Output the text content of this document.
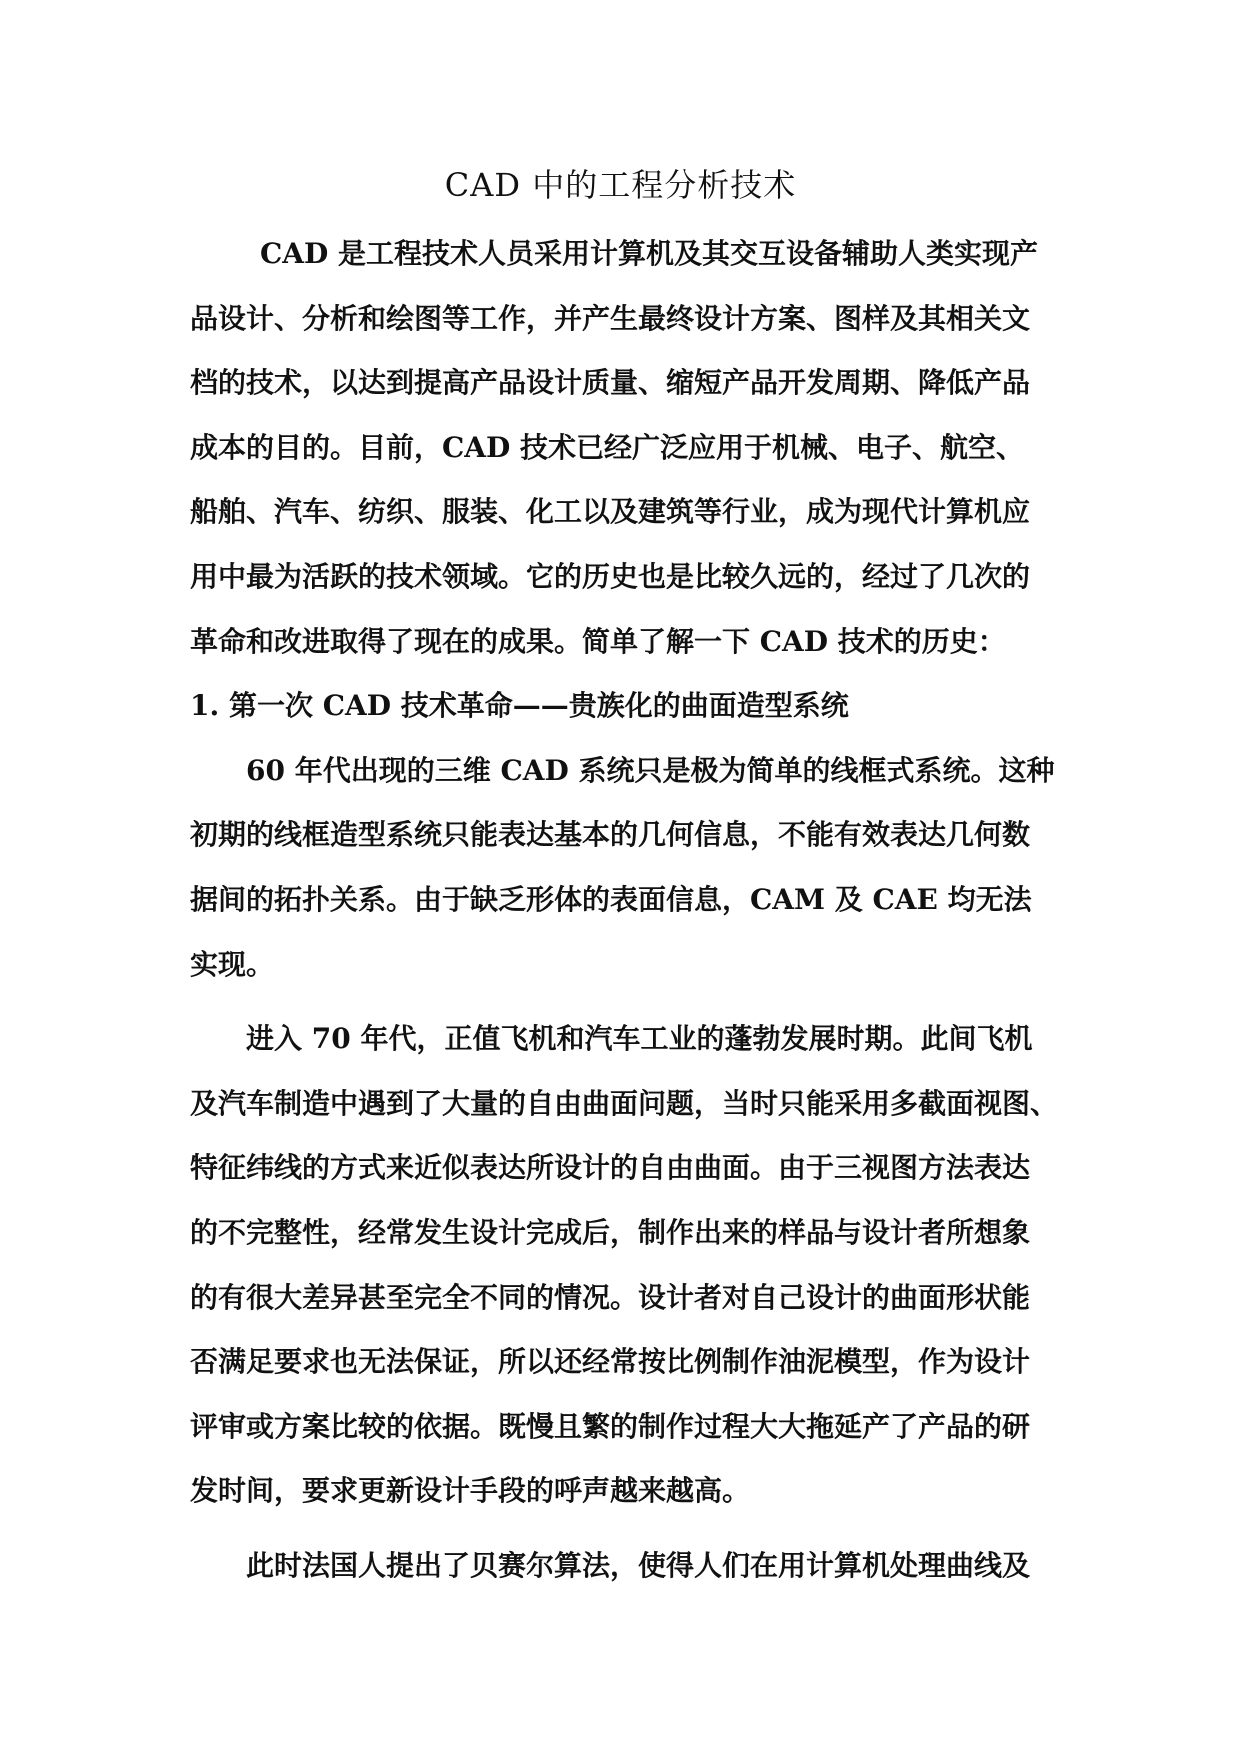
CAD 中的工程分析技术

CAD 是工程技术人员采用计算机及其交互设备辅助人类实现产

品设计、分析和绘图等工作，并产生最终设计方案、图样及其相关文

档的技术，以达到提高产品设计质量、缩短产品开发周期、降低产品

成本的目的。目前，CAD 技术已经广泛应用于机械、电子、航空、

船舶、汽车、纺织、服装、化工以及建筑等行业，成为现代计算机应

用中最为活跃的技术领域。它的历史也是比较久远的，经过了几次的

革命和改进取得了现在的成果。简单了解一下 CAD 技术的历史：

1. 第一次 CAD 技术革命——贵族化的曲面造型系统

60 年代出现的三维 CAD 系统只是极为简单的线框式系统。这种

初期的线框造型系统只能表达基本的几何信息，不能有效表达几何数

据间的拓扑关系。由于缺乏形体的表面信息，CAM 及 CAE 均无法

实现。

进入 70 年代，正值飞机和汽车工业的蓬勃发展时期。此间飞机

及汽车制造中遇到了大量的自由曲面问题，当时只能采用多截面视图、

特征纬线的方式来近似表达所设计的自由曲面。由于三视图方法表达

的不完整性，经常发生设计完成后，制作出来的样品与设计者所想象

的有很大差异甚至完全不同的情况。设计者对自己设计的曲面形状能

否满足要求也无法保证，所以还经常按比例制作油泥模型，作为设计

评审或方案比较的依据。既慢且繁的制作过程大大拖延产了产品的研

发时间，要求更新设计手段的呼声越来越高。

此时法国人提出了贝赛尔算法，使得人们在用计算机处理曲线及
